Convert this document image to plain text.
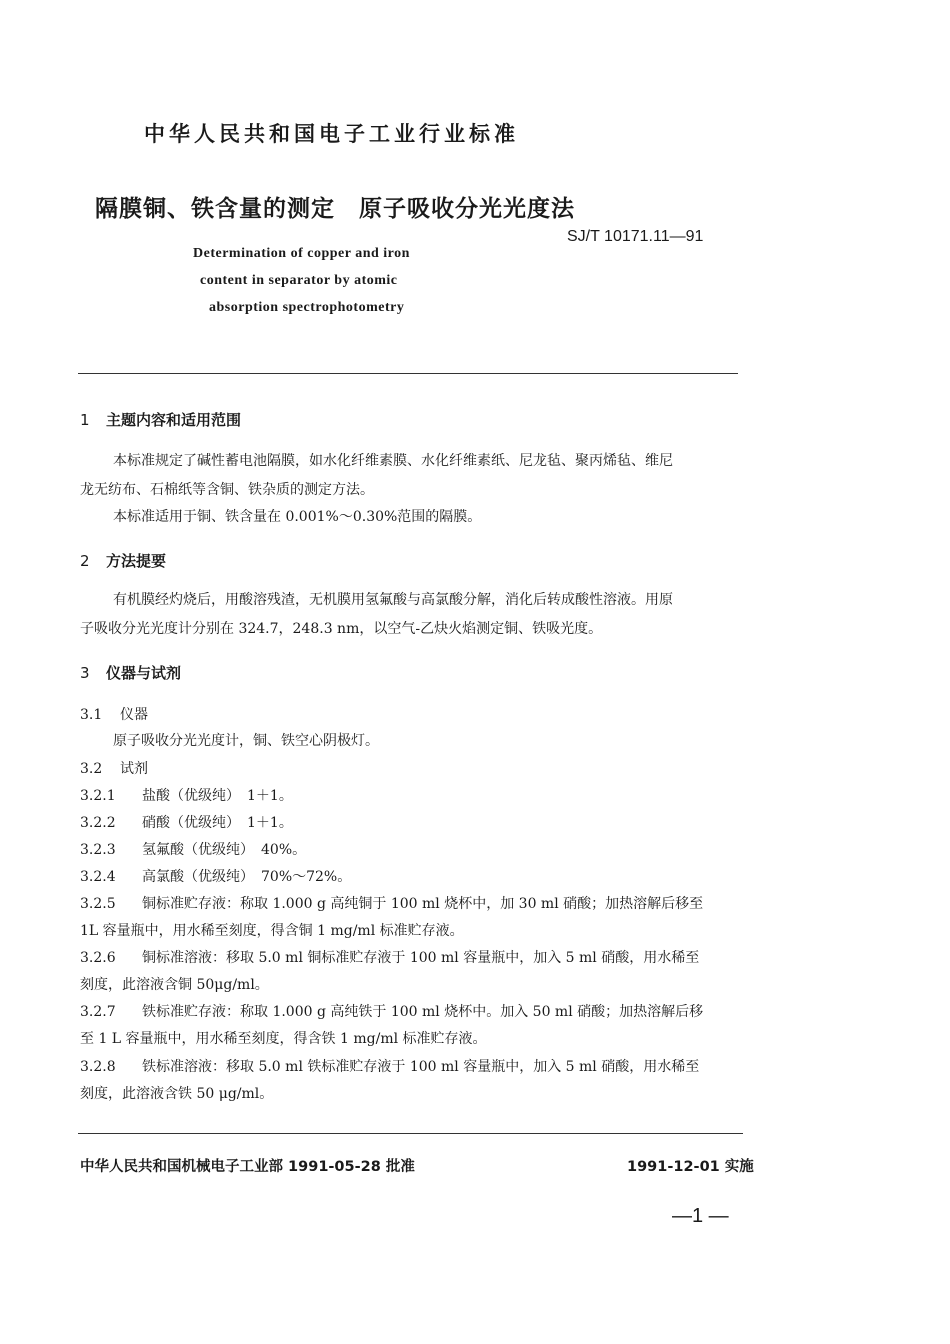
中华人民共和国电子工业行业标准
隔膜铜、铁含量的测定　原子吸收分光光度法
SJ/T 10171.11—91
Determination of copper and iron
content in separator by atomic
absorption spectrophotometry
1 主题内容和适用范围
本标准规定了碱性蓄电池隔膜，如水化纤维素膜、水化纤维素纸、尼龙毡、聚丙烯毡、维尼
龙无纺布、石棉纸等含铜、铁杂质的测定方法。
本标准适用于铜、铁含量在 0.001%～0.30%范围的隔膜。
2 方法提要
有机膜经灼烧后，用酸溶残渣，无机膜用氢氟酸与高氯酸分解，消化后转成酸性溶液。用原
子吸收分光光度计分别在 324.7，248.3 nm，以空气-乙炔火焰测定铜、铁吸光度。
3 仪器与试剂
3.1 仪器
原子吸收分光光度计，铜、铁空心阴极灯。
3.2 试剂
3.2.1 盐酸（优级纯）　1＋1。
3.2.2 硝酸（优级纯）　1＋1。
3.2.3 氢氟酸（优级纯）　40%。
3.2.4 高氯酸（优级纯）　70%～72%。
3.2.5 铜标准贮存液：称取 1.000 g 高纯铜于 100 ml 烧杯中，加 30 ml 硝酸；加热溶解后移至
1L 容量瓶中，用水稀至刻度，得含铜 1 mg/ml 标准贮存液。
3.2.6 铜标准溶液：移取 5.0 ml 铜标准贮存液于 100 ml 容量瓶中，加入 5 ml 硝酸，用水稀至
刻度，此溶液含铜 50μg/ml。
3.2.7 铁标准贮存液：称取 1.000 g 高纯铁于 100 ml 烧杯中。加入 50 ml 硝酸；加热溶解后移
至 1 L 容量瓶中，用水稀至刻度，得含铁 1 mg/ml 标准贮存液。
3.2.8 铁标准溶液：移取 5.0 ml 铁标准贮存液于 100 ml 容量瓶中，加入 5 ml 硝酸，用水稀至
刻度，此溶液含铁 50 μg/ml。
中华人民共和国机械电子工业部 1991-05-28 批准	1991-12-01 实施
—1 —
